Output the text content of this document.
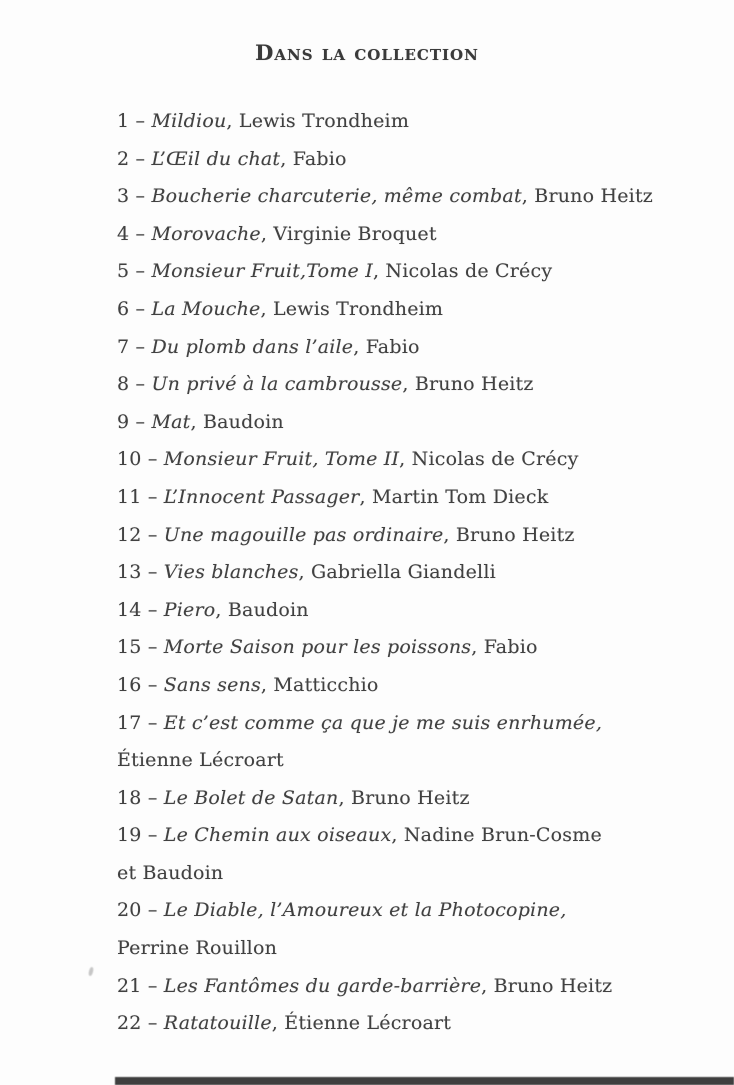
Dans la collection
1 – Mildiou, Lewis Trondheim
2 – L’Œil du chat, Fabio
3 – Boucherie charcuterie, même combat, Bruno Heitz
4 – Morovache, Virginie Broquet
5 – Monsieur Fruit,Tome I, Nicolas de Crécy
6 – La Mouche, Lewis Trondheim
7 – Du plomb dans l’aile, Fabio
8 – Un privé à la cambrousse, Bruno Heitz
9 – Mat, Baudoin
10 – Monsieur Fruit, Tome II, Nicolas de Crécy
11 – L’Innocent Passager, Martin Tom Dieck
12 – Une magouille pas ordinaire, Bruno Heitz
13 – Vies blanches, Gabriella Giandelli
14 – Piero, Baudoin
15 – Morte Saison pour les poissons, Fabio
16 – Sans sens, Matticchio
17 – Et c’est comme ça que je me suis enrhumée,
Étienne Lécroart
18 – Le Bolet de Satan, Bruno Heitz
19 – Le Chemin aux oiseaux, Nadine Brun-Cosme
et Baudoin
20 – Le Diable, l’Amoureux et la Photocopine,
Perrine Rouillon
21 – Les Fantômes du garde-barrière, Bruno Heitz
22 – Ratatouille, Étienne Lécroart
